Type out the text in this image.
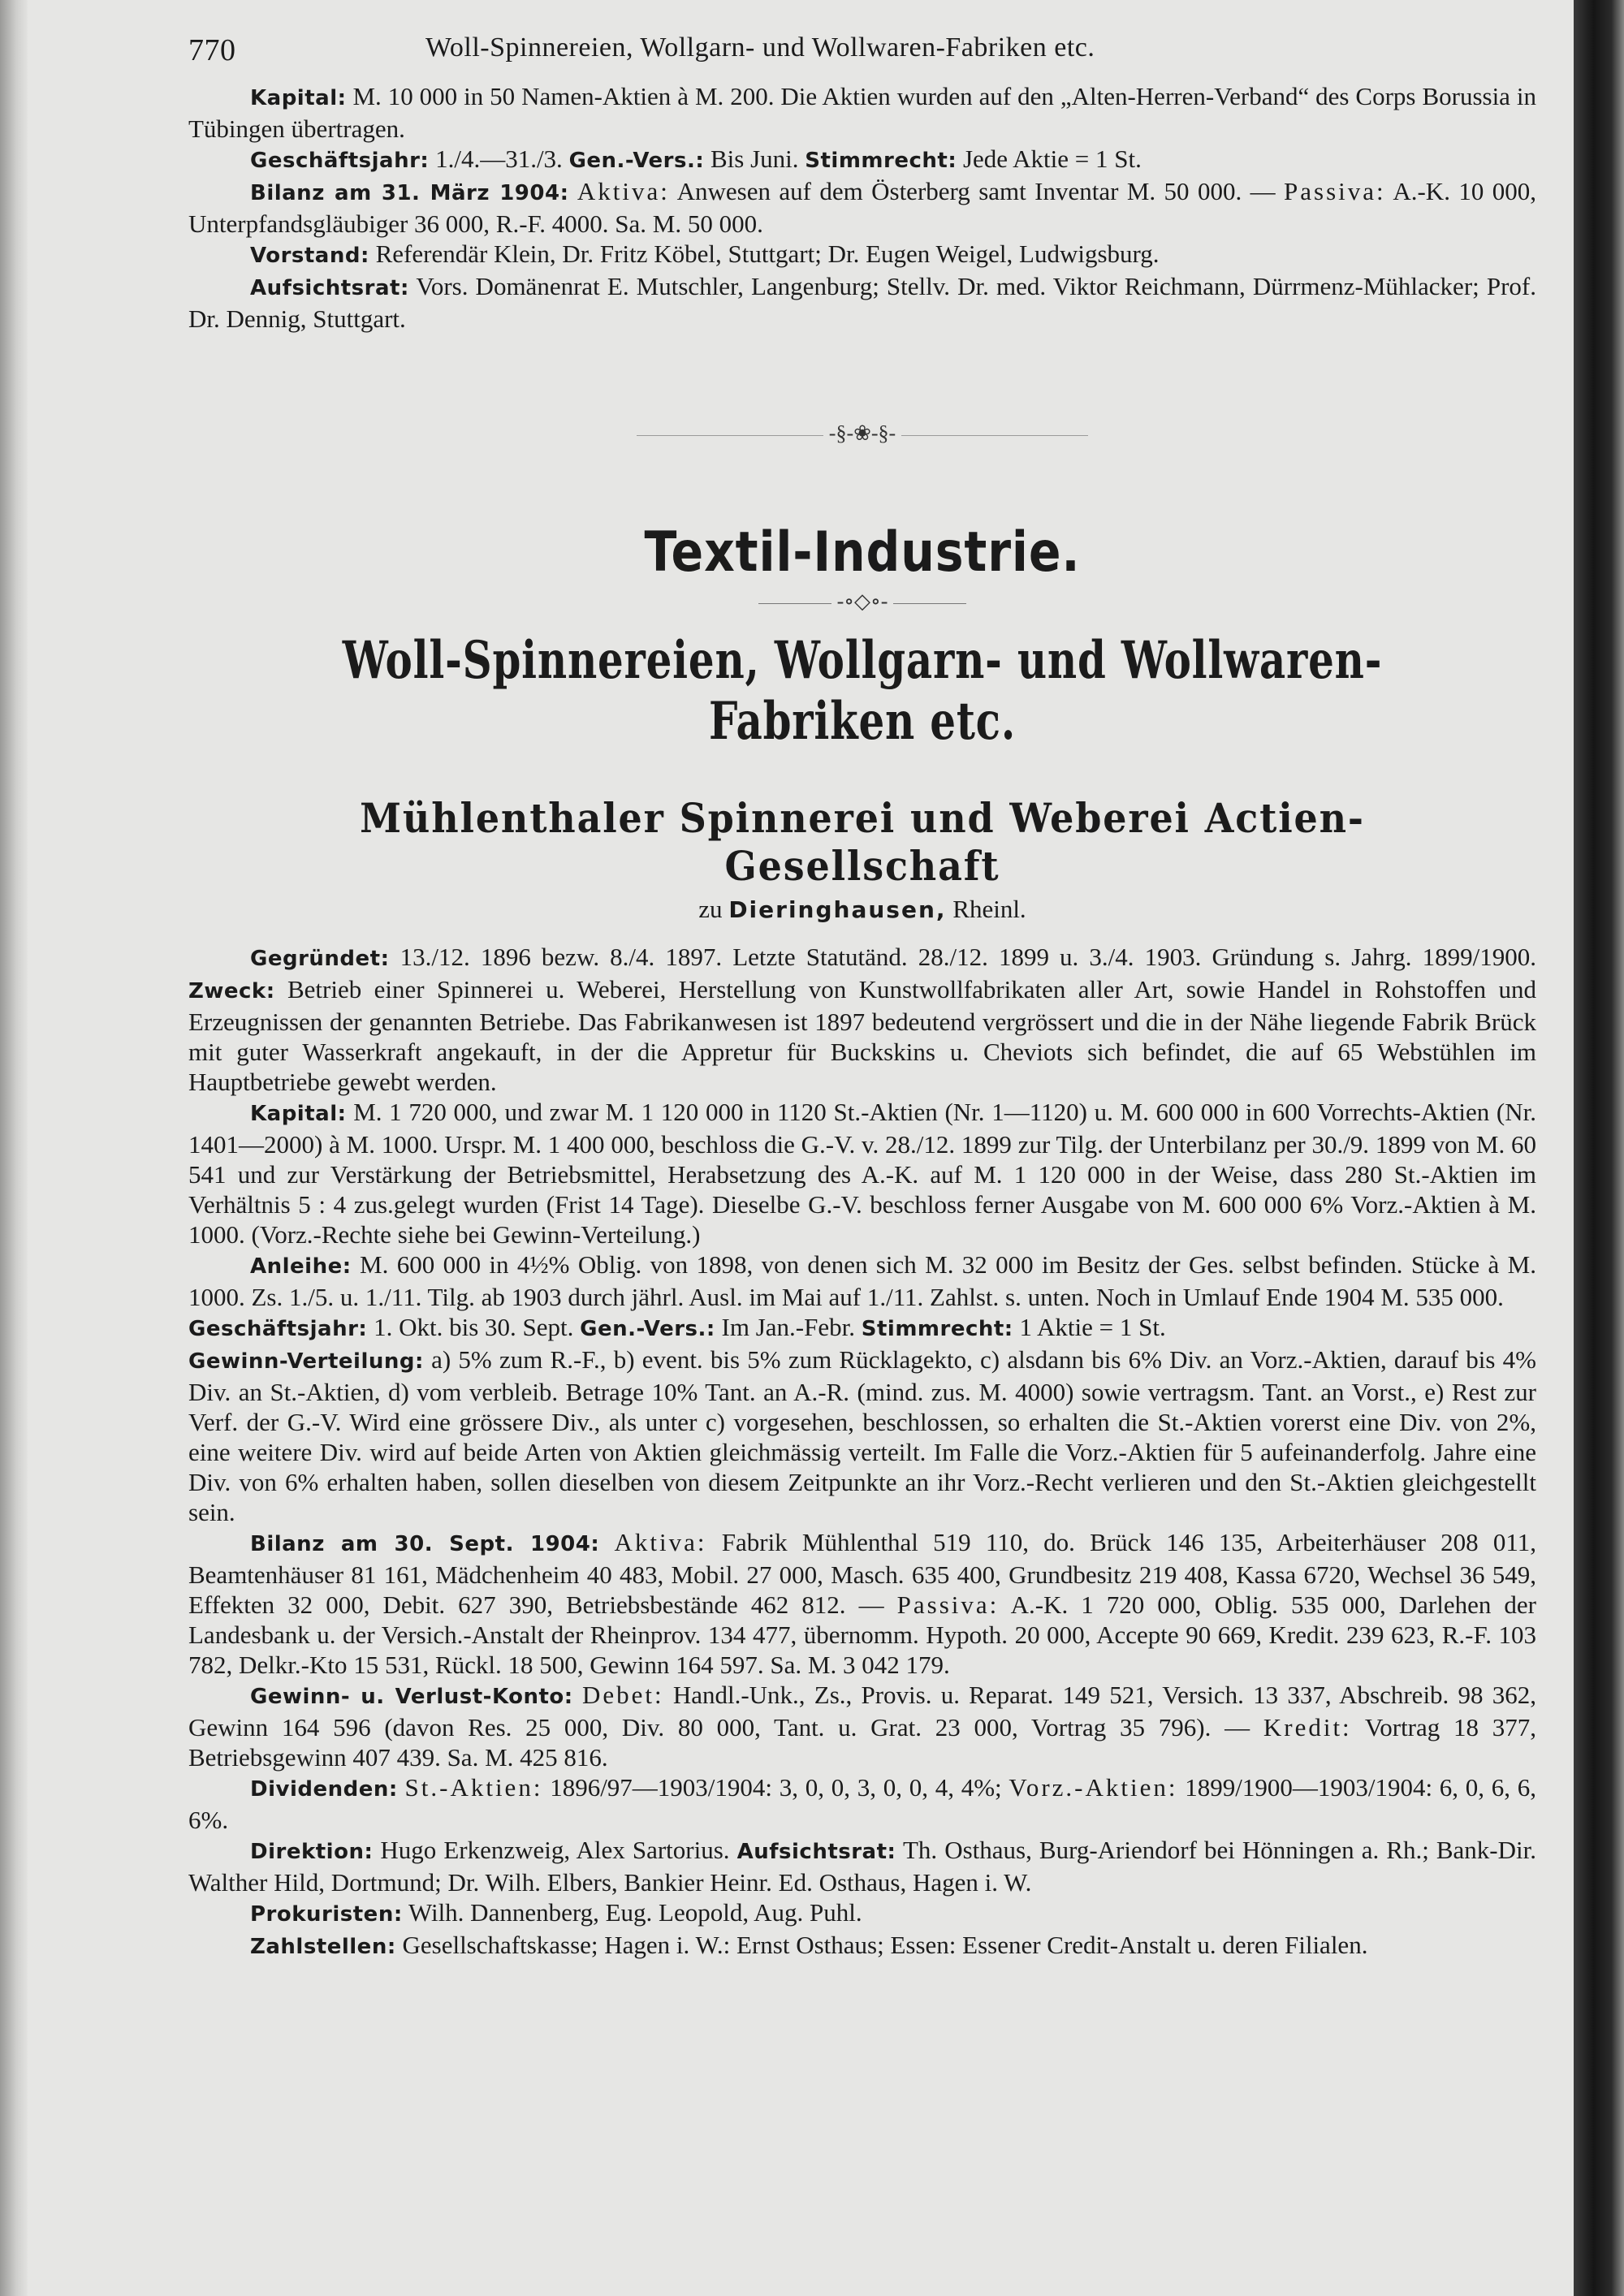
770	Woll-Spinnereien, Wollgarn- und Wollwaren-Fabriken etc.

Kapital: M. 10 000 in 50 Namen-Aktien à M. 200. Die Aktien wurden auf den „Alten-Herren-Verband“ des Corps Borussia in Tübingen übertragen.

Geschäftsjahr: 1./4.—31./3. Gen.-Vers.: Bis Juni. Stimmrecht: Jede Aktie = 1 St.

Bilanz am 31. März 1904: Aktiva: Anwesen auf dem Österberg samt Inventar M. 50 000. — Passiva: A.-K. 10 000, Unterpfandsgläubiger 36 000, R.-F. 4000. Sa. M. 50 000.

Vorstand: Referendär Klein, Dr. Fritz Köbel, Stuttgart; Dr. Eugen Weigel, Ludwigsburg.

Aufsichtsrat: Vors. Domänenrat E. Mutschler, Langenburg; Stellv. Dr. med. Viktor Reichmann, Dürrmenz-Mühlacker; Prof. Dr. Dennig, Stuttgart.

-§-❀-§-
Textil-Industrie.
-∘◇∘-
Woll-Spinnereien, Wollgarn- und Wollwaren-Fabriken etc.
Mühlenthaler Spinnerei und Weberei Actien-Gesellschaft
zu Dieringhausen, Rheinl.

Gegründet: 13./12. 1896 bezw. 8./4. 1897. Letzte Statutänd. 28./12. 1899 u. 3./4. 1903. Gründung s. Jahrg. 1899/1900. Zweck: Betrieb einer Spinnerei u. Weberei, Herstellung von Kunstwollfabrikaten aller Art, sowie Handel in Rohstoffen und Erzeugnissen der genannten Betriebe. Das Fabrikanwesen ist 1897 bedeutend vergrössert und die in der Nähe liegende Fabrik Brück mit guter Wasserkraft angekauft, in der die Appretur für Buckskins u. Cheviots sich befindet, die auf 65 Webstühlen im Hauptbetriebe gewebt werden.

Kapital: M. 1 720 000, und zwar M. 1 120 000 in 1120 St.-Aktien (Nr. 1—1120) u. M. 600 000 in 600 Vorrechts-Aktien (Nr. 1401—2000) à M. 1000. Urspr. M. 1 400 000, beschloss die G.-V. v. 28./12. 1899 zur Tilg. der Unterbilanz per 30./9. 1899 von M. 60 541 und zur Verstärkung der Betriebsmittel, Herabsetzung des A.-K. auf M. 1 120 000 in der Weise, dass 280 St.-Aktien im Verhältnis 5 : 4 zus.gelegt wurden (Frist 14 Tage). Dieselbe G.-V. beschloss ferner Ausgabe von M. 600 000 6% Vorz.-Aktien à M. 1000. (Vorz.-Rechte siehe bei Gewinn-Verteilung.)

Anleihe: M. 600 000 in 4½% Oblig. von 1898, von denen sich M. 32 000 im Besitz der Ges. selbst befinden. Stücke à M. 1000. Zs. 1./5. u. 1./11. Tilg. ab 1903 durch jährl. Ausl. im Mai auf 1./11. Zahlst. s. unten. Noch in Umlauf Ende 1904 M. 535 000.

Geschäftsjahr: 1. Okt. bis 30. Sept. Gen.-Vers.: Im Jan.-Febr. Stimmrecht: 1 Aktie = 1 St.

Gewinn-Verteilung: a) 5% zum R.-F., b) event. bis 5% zum Rücklagekto, c) alsdann bis 6% Div. an Vorz.-Aktien, darauf bis 4% Div. an St.-Aktien, d) vom verbleib. Betrage 10% Tant. an A.-R. (mind. zus. M. 4000) sowie vertragsm. Tant. an Vorst., e) Rest zur Verf. der G.-V. Wird eine grössere Div., als unter c) vorgesehen, beschlossen, so erhalten die St.-Aktien vorerst eine Div. von 2%, eine weitere Div. wird auf beide Arten von Aktien gleichmässig verteilt. Im Falle die Vorz.-Aktien für 5 aufeinanderfolg. Jahre eine Div. von 6% erhalten haben, sollen dieselben von diesem Zeitpunkte an ihr Vorz.-Recht verlieren und den St.-Aktien gleichgestellt sein.

Bilanz am 30. Sept. 1904: Aktiva: Fabrik Mühlenthal 519 110, do. Brück 146 135, Arbeiterhäuser 208 011, Beamtenhäuser 81 161, Mädchenheim 40 483, Mobil. 27 000, Masch. 635 400, Grundbesitz 219 408, Kassa 6720, Wechsel 36 549, Effekten 32 000, Debit. 627 390, Betriebsbestände 462 812. — Passiva: A.-K. 1 720 000, Oblig. 535 000, Darlehen der Landesbank u. der Versich.-Anstalt der Rheinprov. 134 477, übernomm. Hypoth. 20 000, Accepte 90 669, Kredit. 239 623, R.-F. 103 782, Delkr.-Kto 15 531, Rückl. 18 500, Gewinn 164 597. Sa. M. 3 042 179.

Gewinn- u. Verlust-Konto: Debet: Handl.-Unk., Zs., Provis. u. Reparat. 149 521, Versich. 13 337, Abschreib. 98 362, Gewinn 164 596 (davon Res. 25 000, Div. 80 000, Tant. u. Grat. 23 000, Vortrag 35 796). — Kredit: Vortrag 18 377, Betriebsgewinn 407 439. Sa. M. 425 816.

Dividenden: St.-Aktien: 1896/97—1903/1904: 3, 0, 0, 3, 0, 0, 4, 4%; Vorz.-Aktien: 1899/1900—1903/1904: 6, 0, 6, 6, 6%.

Direktion: Hugo Erkenzweig, Alex Sartorius. Aufsichtsrat: Th. Osthaus, Burg-Ariendorf bei Hönningen a. Rh.; Bank-Dir. Walther Hild, Dortmund; Dr. Wilh. Elbers, Bankier Heinr. Ed. Osthaus, Hagen i. W.

Prokuristen: Wilh. Dannenberg, Eug. Leopold, Aug. Puhl.

Zahlstellen: Gesellschaftskasse; Hagen i. W.: Ernst Osthaus; Essen: Essener Credit-Anstalt u. deren Filialen.
